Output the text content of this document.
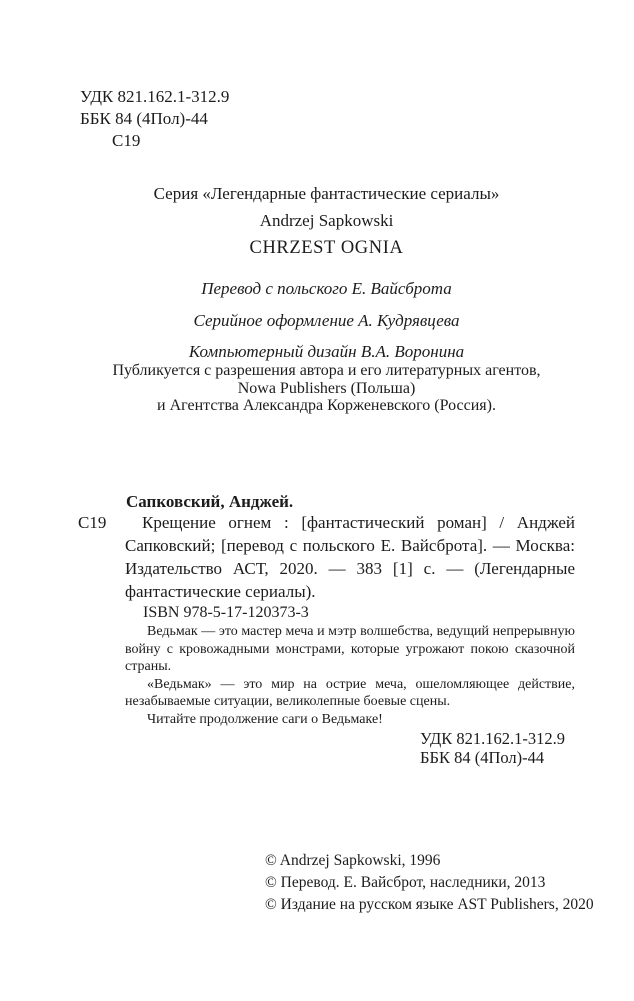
УДК 821.162.1-312.9
ББК 84 (4Пол)-44
С19
Серия «Легендарные фантастические сериалы»
Andrzej Sapkowski
CHRZEST OGNIA
Перевод с польского Е. Вайсброта
Серийное оформление А. Кудрявцева
Компьютерный дизайн В.А. Воронина
Публикуется с разрешения автора и его литературных агентов,
Nowa Publishers (Польша)
и Агентства Александра Корженевского (Россия).
Сапковский, Анджей.
С19	Крещение огнем : [фантастический роман] / Анджей Сапковский; [перевод с польского Е. Вайсброта]. — Москва: Издательство АСТ, 2020. — 383 [1] с. — (Легендарные фантастические сериалы).

ISBN 978-5-17-120373-3

Ведьмак — это мастер меча и мэтр волшебства, ведущий непрерывную войну с кровожадными монстрами, которые угрожают покою сказочной страны.

«Ведьмак» — это мир на острие меча, ошеломляющее действие, незабываемые ситуации, великолепные боевые сцены.

Читайте продолжение саги о Ведьмаке!

УДК 821.162.1-312.9
ББК 84 (4Пол)-44
© Andrzej Sapkowski, 1996
© Перевод. Е. Вайсброт, наследники, 2013
© Издание на русском языке AST Publishers, 2020
